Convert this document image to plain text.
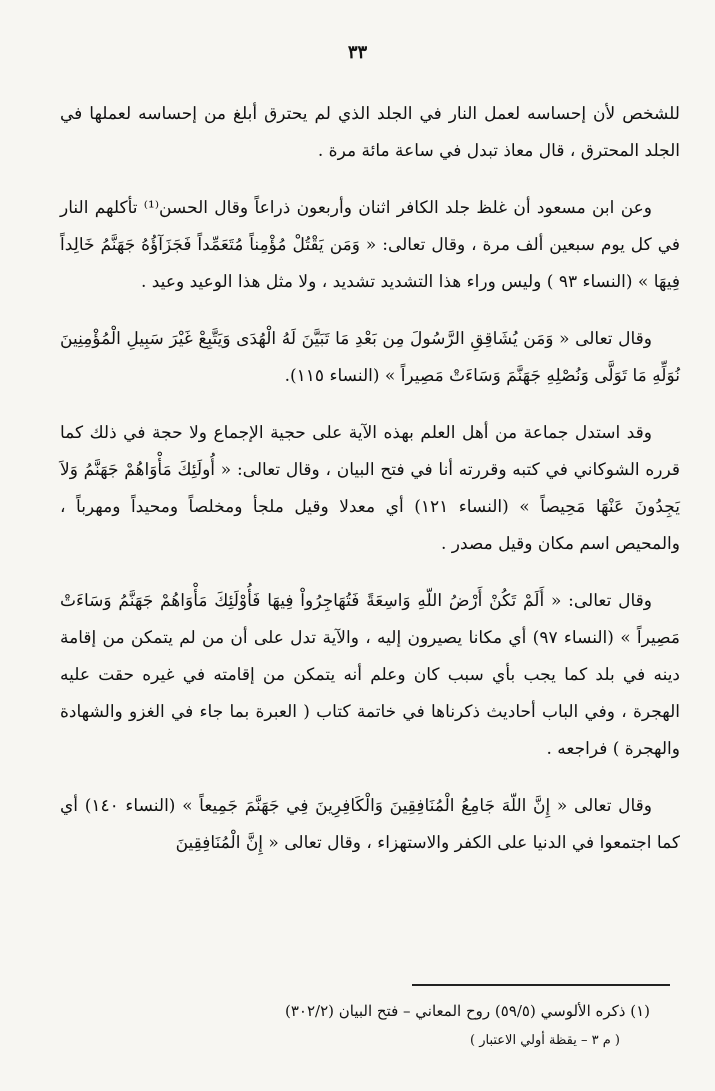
٣٣

للشخص لأن إحساسه لعمل النار في الجلد الذي لم يحترق أبلغ من إحساسه لعملها في الجلد المحترق ، قال معاذ تبدل في ساعة مائة مرة .

وعن ابن مسعود أن غلظ جلد الكافر اثنان وأربعون ذراعاً وقال الحسن⁽¹⁾ تأكلهم النار في كل يوم سبعين ألف مرة ، وقال تعالى: « وَمَن يَقْتُلْ مُؤْمِناً مُتَعَمِّداً فَجَزَآؤُهُ جَهَنَّمُ خَالِداً فِيهَا » (النساء ٩٣ ) وليس وراء هذا التشديد تشديد ، ولا مثل هذا الوعيد وعيد .

وقال تعالى « وَمَن يُشَاقِقِ الرَّسُولَ مِن بَعْدِ مَا تَبَيَّنَ لَهُ الْهُدَى وَيَتَّبِعْ غَيْرَ سَبِيلِ الْمُؤْمِنِينَ نُوَلِّهِ مَا تَوَلَّى وَنُصْلِهِ جَهَنَّمَ وَسَاءَتْ مَصِيراً » (النساء ١١٥).

وقد استدل جماعة من أهل العلم بهذه الآية على حجية الإجماع ولا حجة في ذلك كما قرره الشوكاني في كتبه وقررته أنا في فتح البيان ، وقال تعالى: « أُولَئِكَ مَأْوَاهُمْ جَهَنَّمُ وَلاَ يَجِدُونَ عَنْهَا مَحِيصاً » (النساء ١٢١) أي معدلا وقيل ملجأ ومخلصاً ومحيداً ومهرباً ، والمحيص اسم مكان وقيل مصدر .

وقال تعالى: « أَلَمْ تَكُنْ أَرْضُ اللّهِ وَاسِعَةً فَتُهَاجِرُواْ فِيهَا فَأُوْلَئِكَ مَأْوَاهُمْ جَهَنَّمُ وَسَاءَتْ مَصِيراً » (النساء ٩٧) أي مكانا يصيرون إليه ، والآية تدل على أن من لم يتمكن من إقامة دينه في بلد كما يجب بأي سبب كان وعلم أنه يتمكن من إقامته في غيره حقت عليه الهجرة ، وفي الباب أحاديث ذكرناها في خاتمة كتاب ( العبرة بما جاء في الغزو والشهادة والهجرة ) فراجعه .

وقال تعالى « إِنَّ اللّهَ جَامِعُ الْمُنَافِقِينَ وَالْكَافِرِينَ فِي جَهَنَّمَ جَمِيعاً » (النساء ١٤٠) أي كما اجتمعوا في الدنيا على الكفر والاستهزاء ، وقال تعالى « إِنَّ الْمُنَافِقِينَ

(١) ذكره الألوسي (٥٩/٥) روح المعاني – فتح البيان (٣٠٢/٢)
( م ٣ – يقظة أولي الاعتبار )
